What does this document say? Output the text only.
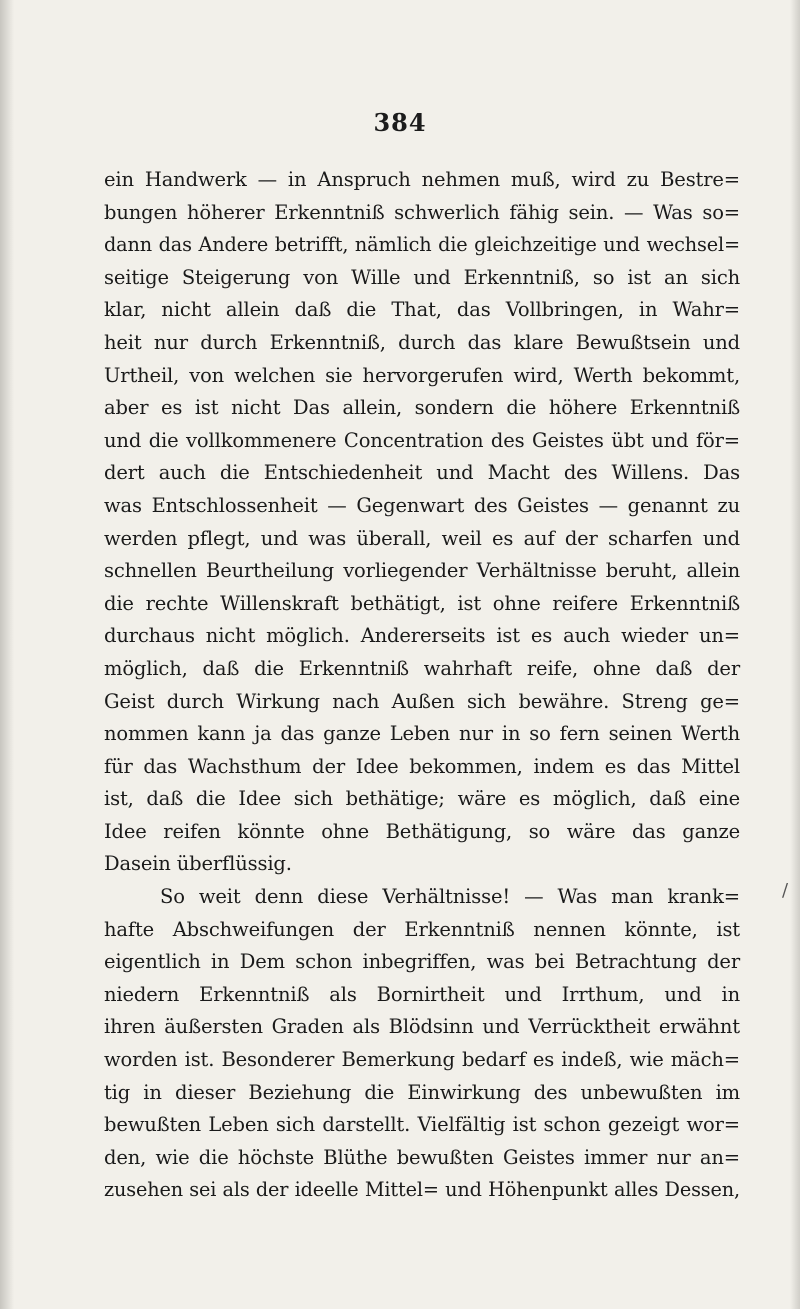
384
ein Handwerk — in Anspruch nehmen muß, wird zu Bestre=
bungen höherer Erkenntniß schwerlich fähig sein. — Was so=
dann das Andere betrifft, nämlich die gleichzeitige und wechsel=
seitige Steigerung von Wille und Erkenntniß, so ist an sich
klar, nicht allein daß die That, das Vollbringen, in Wahr=
heit nur durch Erkenntniß, durch das klare Bewußtsein und
Urtheil, von welchen sie hervorgerufen wird, Werth bekommt,
aber es ist nicht Das allein, sondern die höhere Erkenntniß
und die vollkommenere Concentration des Geistes übt und för=
dert auch die Entschiedenheit und Macht des Willens. Das
was Entschlossenheit — Gegenwart des Geistes — genannt zu
werden pflegt, und was überall, weil es auf der scharfen und
schnellen Beurtheilung vorliegender Verhältnisse beruht, allein
die rechte Willenskraft bethätigt, ist ohne reifere Erkenntniß
durchaus nicht möglich. Andererseits ist es auch wieder un=
möglich, daß die Erkenntniß wahrhaft reife, ohne daß der
Geist durch Wirkung nach Außen sich bewähre. Streng ge=
nommen kann ja das ganze Leben nur in so fern seinen Werth
für das Wachsthum der Idee bekommen, indem es das Mittel
ist, daß die Idee sich bethätige; wäre es möglich, daß eine
Idee reifen könnte ohne Bethätigung, so wäre das ganze
Dasein überflüssig.
So weit denn diese Verhältnisse! — Was man krank=
hafte Abschweifungen der Erkenntniß nennen könnte, ist
eigentlich in Dem schon inbegriffen, was bei Betrachtung der
niedern Erkenntniß als Bornirtheit und Irrthum, und in
ihren äußersten Graden als Blödsinn und Verrücktheit erwähnt
worden ist. Besonderer Bemerkung bedarf es indeß, wie mäch=
tig in dieser Beziehung die Einwirkung des unbewußten im
bewußten Leben sich darstellt. Vielfältig ist schon gezeigt wor=
den, wie die höchste Blüthe bewußten Geistes immer nur an=
zusehen sei als der ideelle Mittel= und Höhenpunkt alles Dessen,
/
